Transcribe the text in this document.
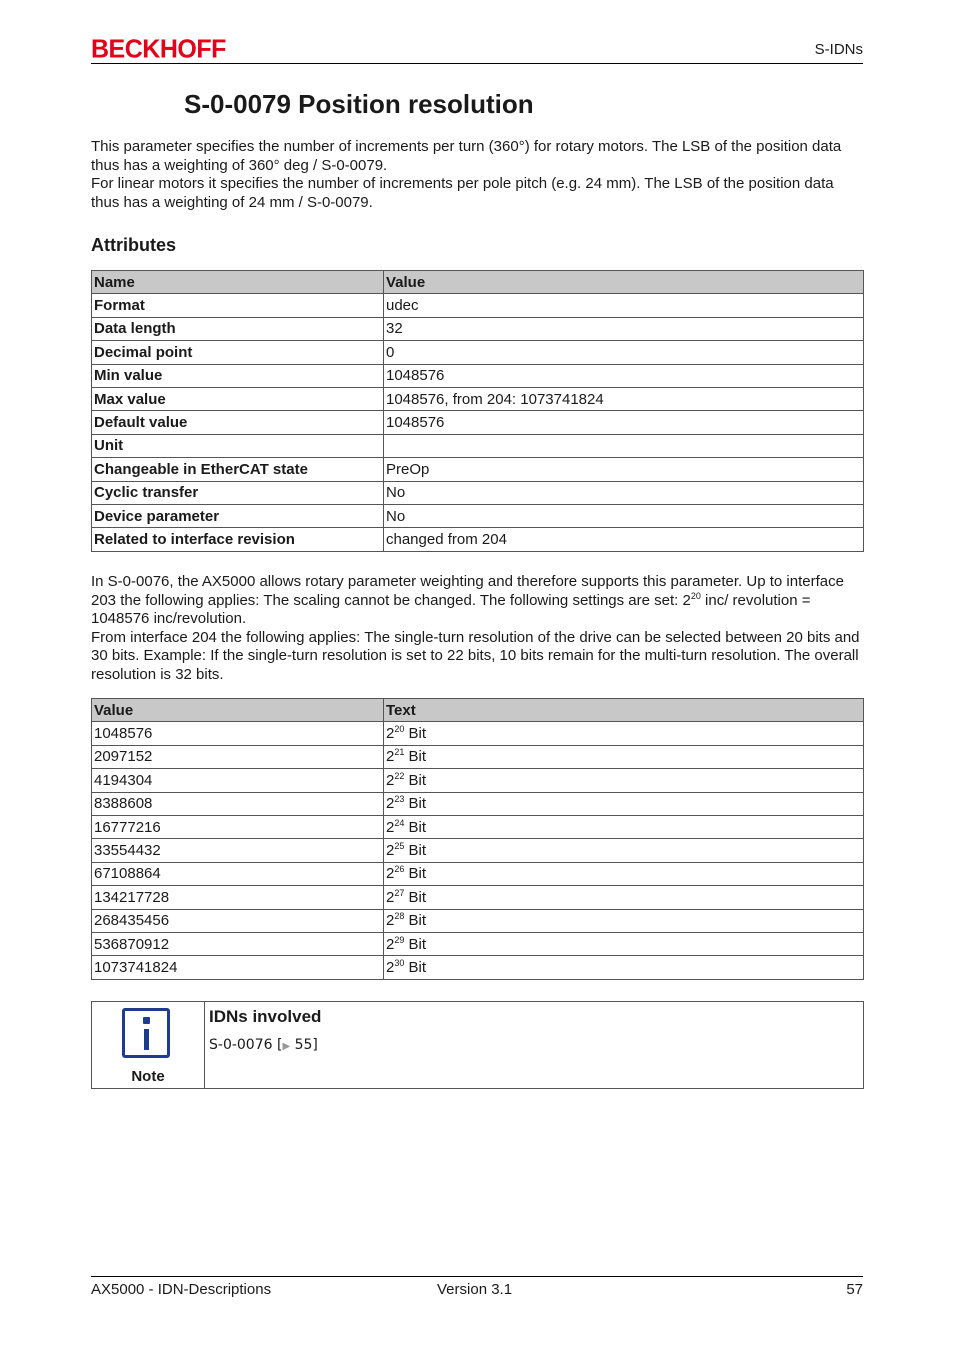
BECKHOFF	S-IDNs
S-0-0079 Position resolution

This parameter specifies the number of increments per turn (360°) for rotary motors. The LSB of the position data thus has a weighting of 360° deg / S-0-0079.

For linear motors it specifies the number of increments per pole pitch (e.g. 24 mm). The LSB of the position data thus has a weighting of 24 mm / S-0-0079.

Attributes
Name	Value
Format	udec
Data length	32
Decimal point	0
Min value	1048576
Max value	1048576, from 204: 1073741824
Default value	1048576
Unit	
Changeable in EtherCAT state	PreOp
Cyclic transfer	No
Device parameter	No
Related to interface revision	changed from 204

In S-0-0076, the AX5000 allows rotary parameter weighting and therefore supports this parameter. Up to interface 203 the following applies: The scaling cannot be changed. The following settings are set: $2^{20}$ inc/ revolution = 1048576 inc/revolution.

From interface 204 the following applies: The single-turn resolution of the drive can be selected between 20 bits and 30 bits. Example: If the single-turn resolution is set to 22 bits, 10 bits remain for the multi-turn resolution. The overall resolution is 32 bits.

Value	Text
1048576	$2^{20}$ Bit
2097152	$2^{21}$ Bit
4194304	$2^{22}$ Bit
8388608	$2^{23}$ Bit
16777216	$2^{24}$ Bit
33554432	$2^{25}$ Bit
67108864	$2^{26}$ Bit
134217728	$2^{27}$ Bit
268435456	$2^{28}$ Bit
536870912	$2^{29}$ Bit
1073741824	$2^{30}$ Bit
Note
IDNs involved
S-0-0076 [▶ 55]
AX5000 - IDN-Descriptions	Version 3.1	57
